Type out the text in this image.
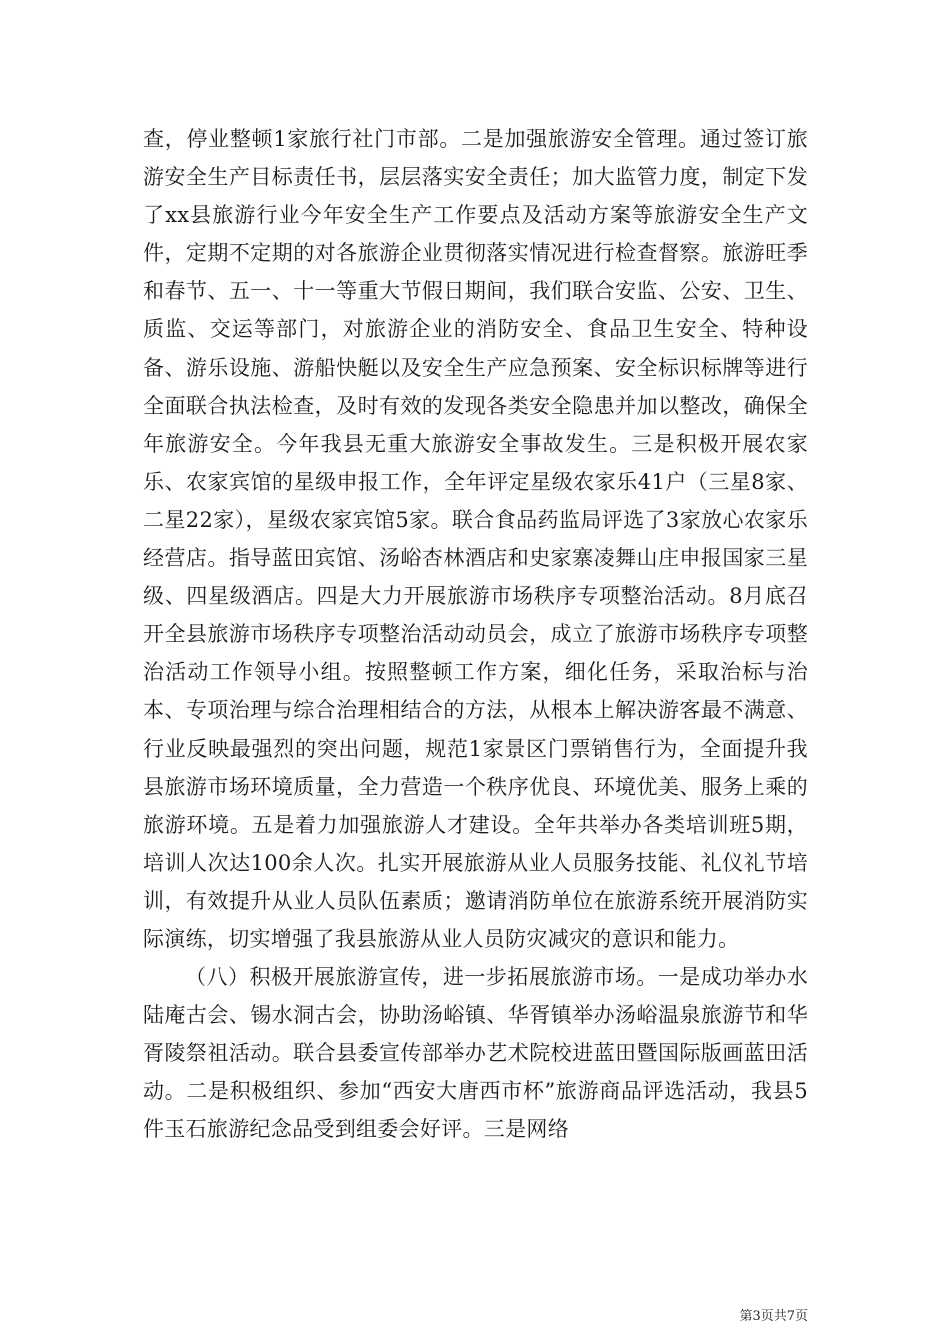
查，停业整顿1家旅行社门市部。二是加强旅游安全管理。通过签订旅游安全生产目标责任书，层层落实安全责任；加大监管力度，制定下发了xx县旅游行业今年安全生产工作要点及活动方案等旅游安全生产文件，定期不定期的对各旅游企业贯彻落实情况进行检查督察。旅游旺季和春节、五一、十一等重大节假日期间，我们联合安监、公安、卫生、质监、交运等部门，对旅游企业的消防安全、食品卫生安全、特种设备、游乐设施、游船快艇以及安全生产应急预案、安全标识标牌等进行全面联合执法检查，及时有效的发现各类安全隐患并加以整改，确保全年旅游安全。今年我县无重大旅游安全事故发生。三是积极开展农家乐、农家宾馆的星级申报工作，全年评定星级农家乐41户（三星8家、二星22家），星级农家宾馆5家。联合食品药监局评选了3家放心农家乐经营店。指导蓝田宾馆、汤峪杏林酒店和史家寨凌舞山庄申报国家三星级、四星级酒店。四是大力开展旅游市场秩序专项整治活动。8月底召开全县旅游市场秩序专项整治活动动员会，成立了旅游市场秩序专项整治活动工作领导小组。按照整顿工作方案，细化任务，采取治标与治本、专项治理与综合治理相结合的方法，从根本上解决游客最不满意、行业反映最强烈的突出问题，规范1家景区门票销售行为，全面提升我县旅游市场环境质量，全力营造一个秩序优良、环境优美、服务上乘的旅游环境。五是着力加强旅游人才建设。全年共举办各类培训班5期，培训人次达100余人次。扎实开展旅游从业人员服务技能、礼仪礼节培训，有效提升从业人员队伍素质；邀请消防单位在旅游系统开展消防实际演练，切实增强了我县旅游从业人员防灾减灾的意识和能力。

（八）积极开展旅游宣传，进一步拓展旅游市场。一是成功举办水陆庵古会、锡水洞古会，协助汤峪镇、华胥镇举办汤峪温泉旅游节和华胥陵祭祖活动。联合县委宣传部举办艺术院校进蓝田暨国际版画蓝田活动。二是积极组织、参加“西安大唐西市杯”旅游商品评选活动，我县5件玉石旅游纪念品受到组委会好评。三是网络

第3页共7页
